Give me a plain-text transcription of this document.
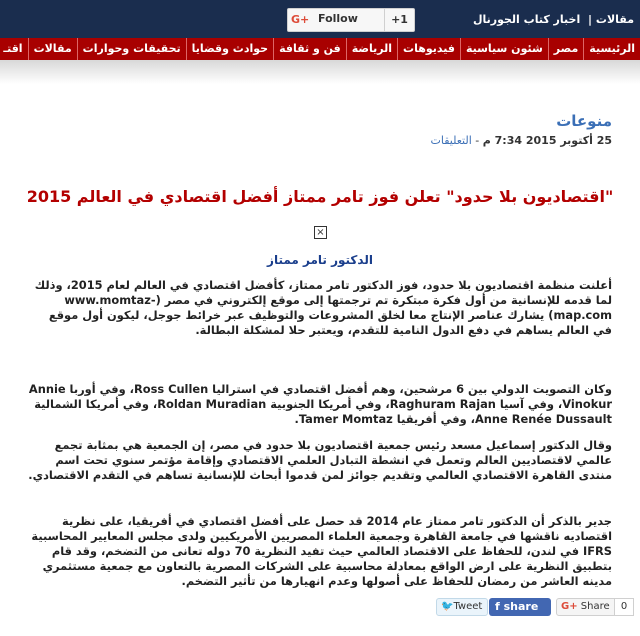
مقالات | اخبار كتاب الجورنال
G+ Follow	+1
الرئيسية
مصر
شئون سياسية
فيديوهات
الرياضة
فن و ثقافة
حوادث وقضايا
تحقيقات وحوارات
مقالات
اقتـ
منوعات
25 أكتوبر 2015 7:34 م - التعليقات
"اقتصاديون بلا حدود" تعلن فوز تامر ممتاز أفضل اقتصادي في العالم 2015
×
الدكتور تامر ممتاز

أعلنت منظمة اقتصاديون بلا حدود، فوز الدكتور تامر ممتاز، كأفضل اقتصادي في العالم لعام 2015، وذلك لما قدمه للإنسانية من أول فكرة مبتكرة تم ترجمتها إلى موقع إلكتروني في مصر (www.momtaz-map.com) يشارك عناصر الإنتاج معا لخلق المشروعات والتوظيف عبر خرائط جوجل، ليكون أول موقع في العالم يساهم في دفع الدول النامية للتقدم، ويعتبر حلا لمشكلة البطالة.

وكان التصويت الدولي بين 6 مرشحين، وهم أفضل اقتصادي في استراليا Ross Cullen، وفي أوربا Annie Vinokur، وفي آسيا Raghuram Rajan، وفي أمريكا الجنوبية Roldan Muradian، وفي أمريكا الشمالية Anne Renée Dussault، وفي أفريقيا Tamer Momtaz.

وقال الدكتور إسماعيل مسعد رئيس جمعية اقتصاديون بلا حدود في مصر، إن الجمعية هي بمثابة تجمع عالمي لاقتصاديين العالم وتعمل في انشطة التبادل العلمي الاقتصادي وإقامة مؤتمر سنوي تحت اسم منتدى القاهرة الاقتصادي العالمي وتقديم جوائز لمن قدموا أبحاث للإنسانية تساهم في التقدم الاقتصادي.

جدير بالذكر أن الدكتور تامر ممتاز عام 2014 قد حصل على أفضل اقتصادي في أفريقيا، على نظرية اقتصاديه ناقشها في جامعة القاهرة وجمعية العلماء المصريين الأمريكيين ولدى مجلس المعايير المحاسبية IFRS في لندن، للحفاظ على الاقتصاد العالمي حيث تفيد النظرية 70 دوله تعانى من التضخم، وقد قام بتطبيق النظرية على ارض الواقع بمعادلة محاسبية على الشركات المصرية بالتعاون مع جمعية مستثمري مدينه العاشر من رمضان للحفاظ على أصولها وعدم انهيارها من تأثير التضخم.

🐦Tweet	f share	G+ Share	0
